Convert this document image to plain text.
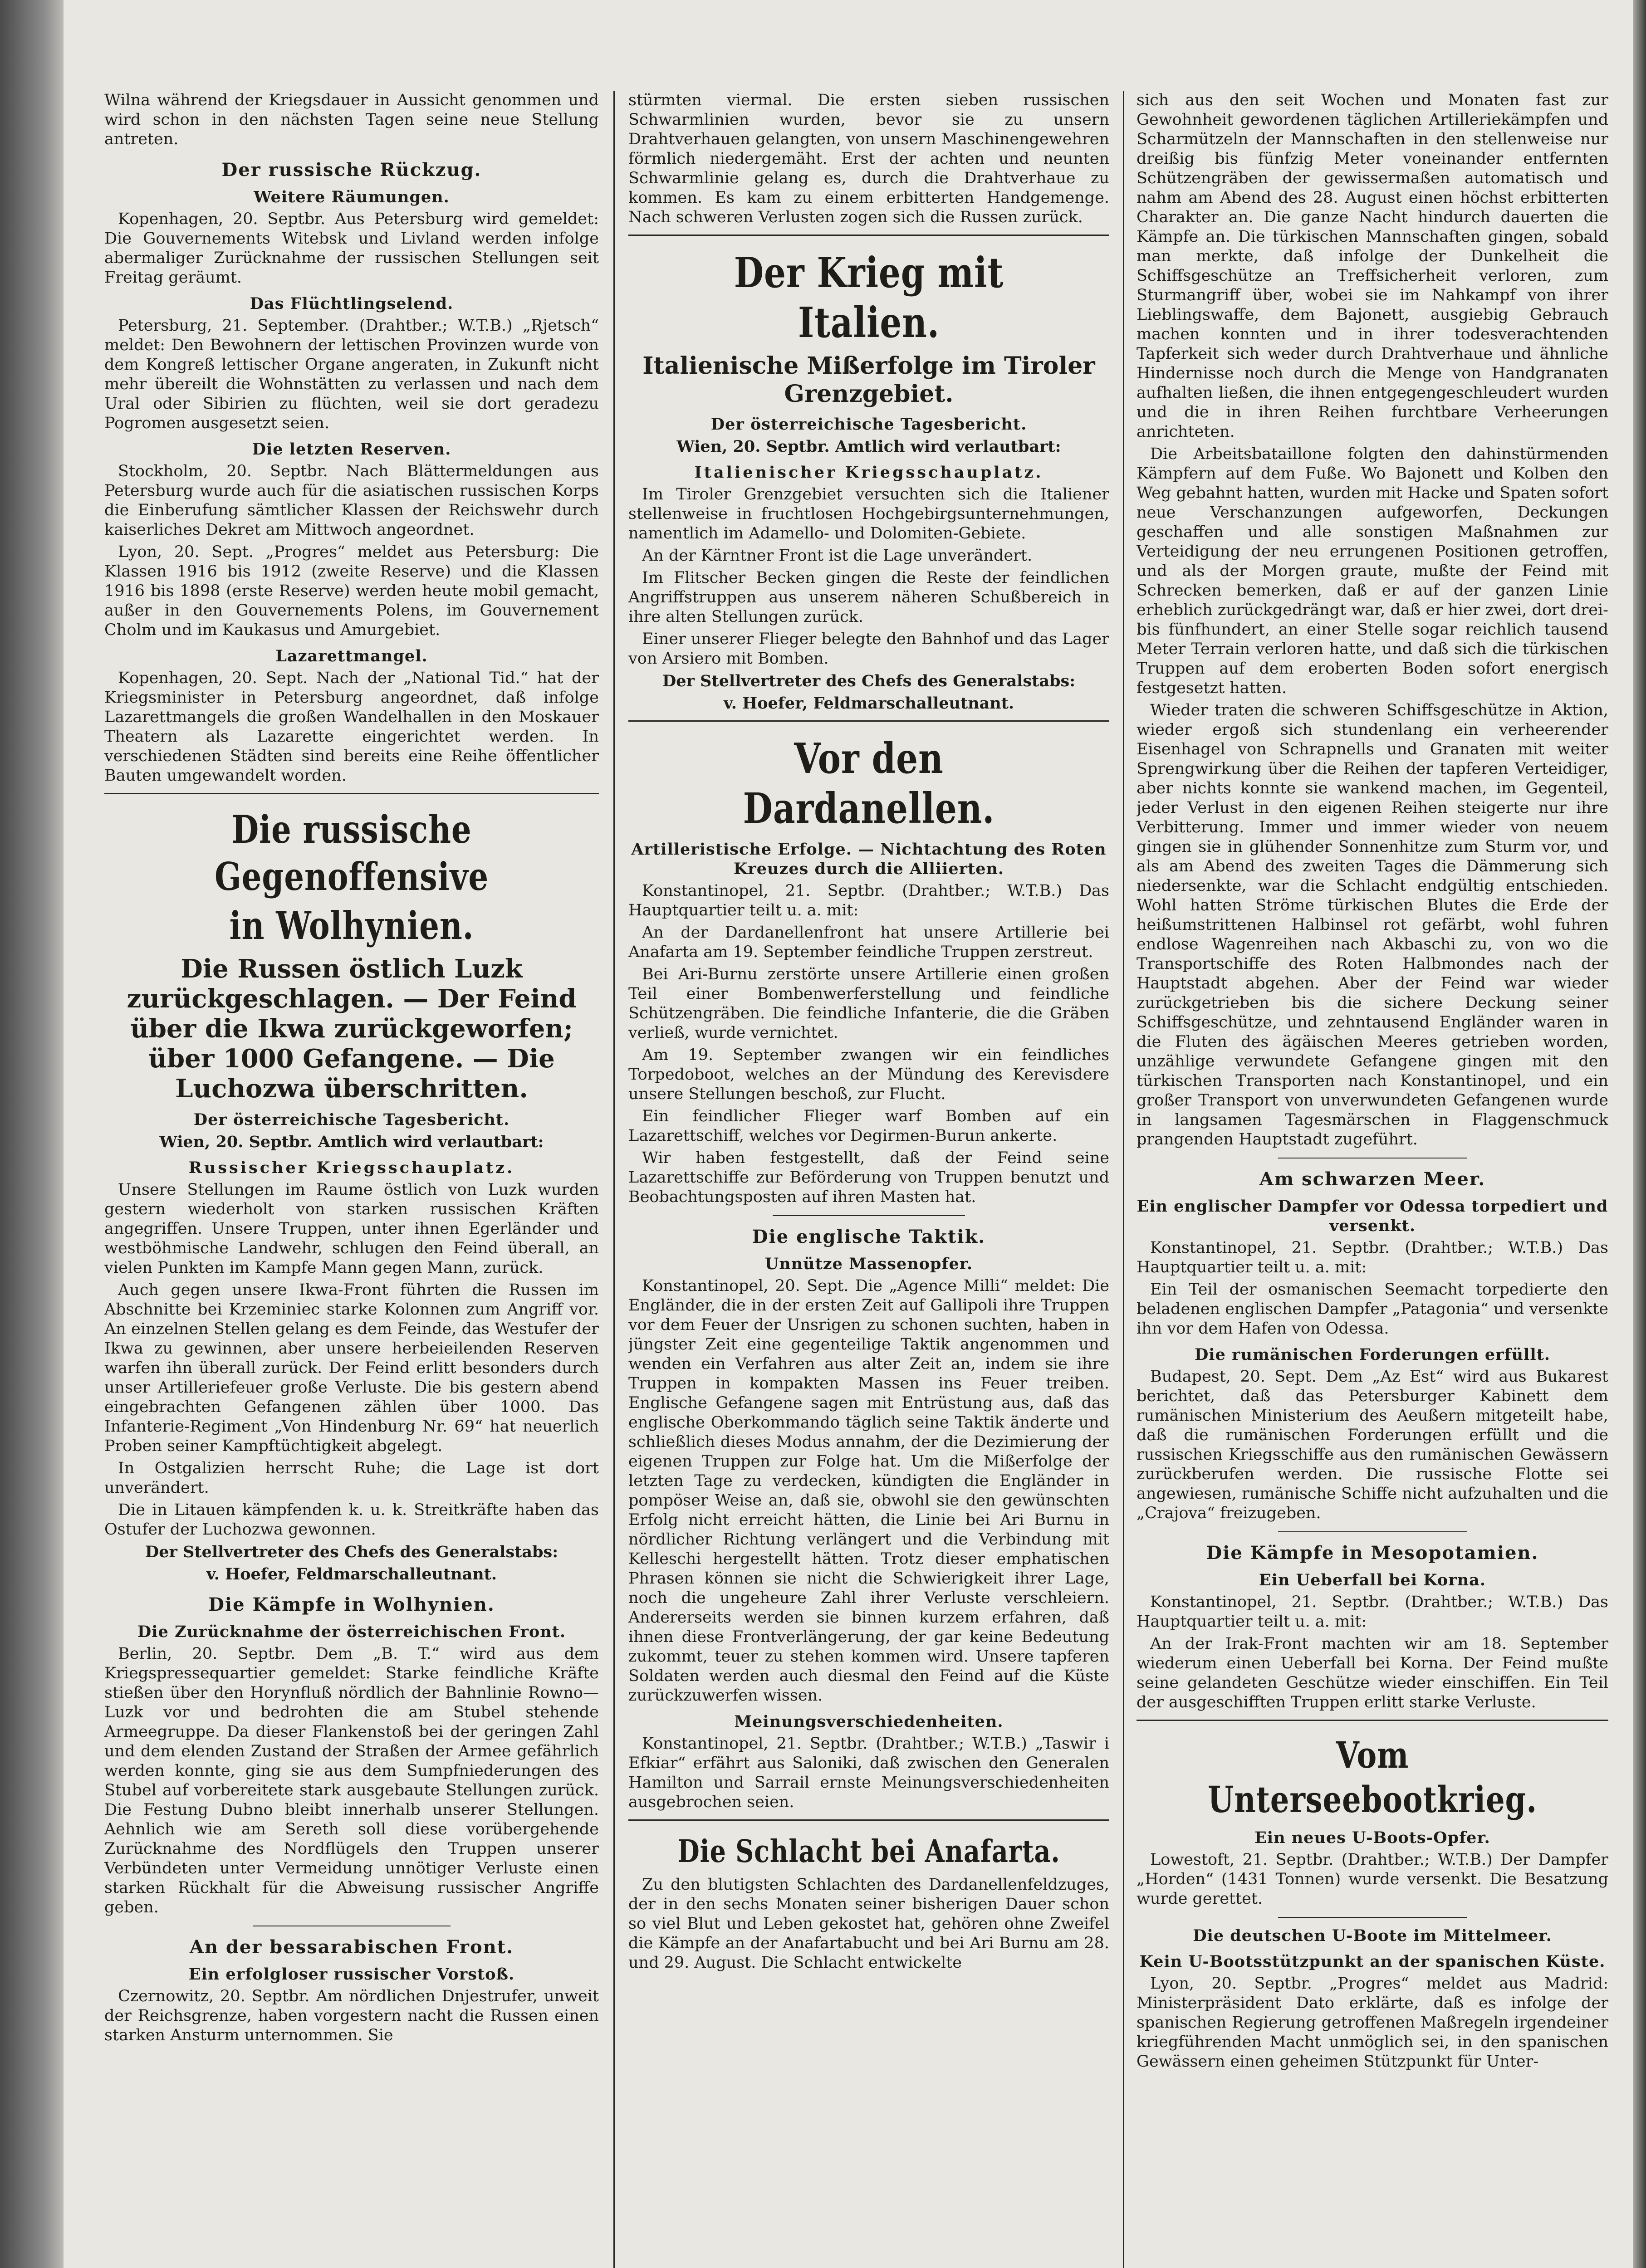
Wilna während der Kriegsdauer in Aussicht genommen und wird schon in den nächsten Tagen seine neue Stellung antreten.

Der russische Rückzug.
Weitere Räumungen.

Kopenhagen, 20. Septbr. Aus Petersburg wird gemeldet: Die Gouvernements Witebsk und Livland werden infolge abermaliger Zurücknahme der russischen Stellungen seit Freitag geräumt.

Das Flüchtlingselend.

Petersburg, 21. September. (Drahtber.; W.T.B.) „Rjetsch“ meldet: Den Bewohnern der lettischen Provinzen wurde von dem Kongreß lettischer Organe angeraten, in Zukunft nicht mehr übereilt die Wohnstätten zu verlassen und nach dem Ural oder Sibirien zu flüchten, weil sie dort geradezu Pogromen ausgesetzt seien.

Die letzten Reserven.

Stockholm, 20. Septbr. Nach Blättermeldungen aus Petersburg wurde auch für die asiatischen russischen Korps die Einberufung sämtlicher Klassen der Reichswehr durch kaiserliches Dekret am Mittwoch angeordnet.

Lyon, 20. Sept. „Progres“ meldet aus Petersburg: Die Klassen 1916 bis 1912 (zweite Reserve) und die Klassen 1916 bis 1898 (erste Reserve) werden heute mobil gemacht, außer in den Gouvernements Polens, im Gouvernement Cholm und im Kaukasus und Amurgebiet.

Lazarettmangel.

Kopenhagen, 20. Sept. Nach der „National Tid.“ hat der Kriegsminister in Petersburg angeordnet, daß infolge Lazarettmangels die großen Wandelhallen in den Moskauer Theatern als Lazarette eingerichtet werden. In verschiedenen Städten sind bereits eine Reihe öffentlicher Bauten umgewandelt worden.

Die russische Gegenoffensive
in Wolhynien.
Die Russen östlich Luzk zurückgeschlagen. — Der Feind über die Ikwa zurückgeworfen; über 1000 Gefangene. — Die Luchozwa überschritten.
Der österreichische Tagesbericht.

Wien, 20. Septbr. Amtlich wird verlautbart:

Russischer Kriegsschauplatz.

Unsere Stellungen im Raume östlich von Luzk wurden gestern wiederholt von starken russischen Kräften angegriffen. Unsere Truppen, unter ihnen Egerländer und westböhmische Landwehr, schlugen den Feind überall, an vielen Punkten im Kampfe Mann gegen Mann, zurück.

Auch gegen unsere Ikwa-Front führten die Russen im Abschnitte bei Krzeminiec starke Kolonnen zum Angriff vor. An einzelnen Stellen gelang es dem Feinde, das Westufer der Ikwa zu gewinnen, aber unsere herbeieilenden Reserven warfen ihn überall zurück. Der Feind erlitt besonders durch unser Artilleriefeuer große Verluste. Die bis gestern abend eingebrachten Gefangenen zählen über 1000. Das Infanterie-Regiment „Von Hindenburg Nr. 69“ hat neuerlich Proben seiner Kampftüchtigkeit abgelegt.

In Ostgalizien herrscht Ruhe; die Lage ist dort unverändert.

Die in Litauen kämpfenden k. u. k. Streitkräfte haben das Ostufer der Luchozwa gewonnen.

Der Stellvertreter des Chefs des Generalstabs:

v. Hoefer, Feldmarschalleutnant.

Die Kämpfe in Wolhynien.
Die Zurücknahme der österreichischen Front.

Berlin, 20. Septbr. Dem „B. T.“ wird aus dem Kriegspressequartier gemeldet: Starke feindliche Kräfte stießen über den Horynfluß nördlich der Bahnlinie Rowno—Luzk vor und bedrohten die am Stubel stehende Armeegruppe. Da dieser Flankenstoß bei der geringen Zahl und dem elenden Zustand der Straßen der Armee gefährlich werden konnte, ging sie aus dem Sumpfniederungen des Stubel auf vorbereitete stark ausgebaute Stellungen zurück. Die Festung Dubno bleibt innerhalb unserer Stellungen. Aehnlich wie am Sereth soll diese vorübergehende Zurücknahme des Nordflügels den Truppen unserer Verbündeten unter Vermeidung unnötiger Verluste einen starken Rückhalt für die Abweisung russischer Angriffe geben.

An der bessarabischen Front.
Ein erfolgloser russischer Vorstoß.

Czernowitz, 20. Septbr. Am nördlichen Dnjestrufer, unweit der Reichsgrenze, haben vorgestern nacht die Russen einen starken Ansturm unternommen. Sie

stürmten viermal. Die ersten sieben russischen Schwarmlinien wurden, bevor sie zu unsern Drahtverhauen gelangten, von unsern Maschinengewehren förmlich niedergemäht. Erst der achten und neunten Schwarmlinie gelang es, durch die Drahtverhaue zu kommen. Es kam zu einem erbitterten Handgemenge. Nach schweren Verlusten zogen sich die Russen zurück.

Der Krieg mit Italien.
Italienische Mißerfolge im Tiroler Grenzgebiet.
Der österreichische Tagesbericht.

Wien, 20. Septbr. Amtlich wird verlautbart:

Italienischer Kriegsschauplatz.

Im Tiroler Grenzgebiet versuchten sich die Italiener stellenweise in fruchtlosen Hochgebirgsunternehmungen, namentlich im Adamello- und Dolomiten-Gebiete.

An der Kärntner Front ist die Lage unverändert.

Im Flitscher Becken gingen die Reste der feindlichen Angriffstruppen aus unserem näheren Schußbereich in ihre alten Stellungen zurück.

Einer unserer Flieger belegte den Bahnhof und das Lager von Arsiero mit Bomben.

Der Stellvertreter des Chefs des Generalstabs:

v. Hoefer, Feldmarschalleutnant.

Vor den Dardanellen.
Artilleristische Erfolge. — Nichtachtung des Roten Kreuzes durch die Alliierten.

Konstantinopel, 21. Septbr. (Drahtber.; W.T.B.) Das Hauptquartier teilt u. a. mit:

An der Dardanellenfront hat unsere Artillerie bei Anafarta am 19. September feindliche Truppen zerstreut.

Bei Ari-Burnu zerstörte unsere Artillerie einen großen Teil einer Bombenwerferstellung und feindliche Schützengräben. Die feindliche Infanterie, die die Gräben verließ, wurde vernichtet.

Am 19. September zwangen wir ein feindliches Torpedoboot, welches an der Mündung des Kerevisdere unsere Stellungen beschoß, zur Flucht.

Ein feindlicher Flieger warf Bomben auf ein Lazarettschiff, welches vor Degirmen-Burun ankerte.

Wir haben festgestellt, daß der Feind seine Lazarettschiffe zur Beförderung von Truppen benutzt und Beobachtungsposten auf ihren Masten hat.

Die englische Taktik.
Unnütze Massenopfer.

Konstantinopel, 20. Sept. Die „Agence Milli“ meldet: Die Engländer, die in der ersten Zeit auf Gallipoli ihre Truppen vor dem Feuer der Unsrigen zu schonen suchten, haben in jüngster Zeit eine gegenteilige Taktik angenommen und wenden ein Verfahren aus alter Zeit an, indem sie ihre Truppen in kompakten Massen ins Feuer treiben. Englische Gefangene sagen mit Entrüstung aus, daß das englische Oberkommando täglich seine Taktik änderte und schließlich dieses Modus annahm, der die Dezimierung der eigenen Truppen zur Folge hat. Um die Mißerfolge der letzten Tage zu verdecken, kündigten die Engländer in pompöser Weise an, daß sie, obwohl sie den gewünschten Erfolg nicht erreicht hätten, die Linie bei Ari Burnu in nördlicher Richtung verlängert und die Verbindung mit Kelleschi hergestellt hätten. Trotz dieser emphatischen Phrasen können sie nicht die Schwierigkeit ihrer Lage, noch die ungeheure Zahl ihrer Verluste verschleiern. Andererseits werden sie binnen kurzem erfahren, daß ihnen diese Frontverlängerung, der gar keine Bedeutung zukommt, teuer zu stehen kommen wird. Unsere tapferen Soldaten werden auch diesmal den Feind auf die Küste zurückzuwerfen wissen.

Meinungsverschiedenheiten.

Konstantinopel, 21. Septbr. (Drahtber.; W.T.B.) „Taswir i Efkiar“ erfährt aus Saloniki, daß zwischen den Generalen Hamilton und Sarrail ernste Meinungsverschiedenheiten ausgebrochen seien.

Die Schlacht bei Anafarta.

Zu den blutigsten Schlachten des Dardanellenfeldzuges, der in den sechs Monaten seiner bisherigen Dauer schon so viel Blut und Leben gekostet hat, gehören ohne Zweifel die Kämpfe an der Anafartabucht und bei Ari Burnu am 28. und 29. August. Die Schlacht entwickelte

sich aus den seit Wochen und Monaten fast zur Gewohnheit gewordenen täglichen Artilleriekämpfen und Scharmützeln der Mannschaften in den stellenweise nur dreißig bis fünfzig Meter voneinander entfernten Schützengräben der gewissermaßen automatisch und nahm am Abend des 28. August einen höchst erbitterten Charakter an. Die ganze Nacht hindurch dauerten die Kämpfe an. Die türkischen Mannschaften gingen, sobald man merkte, daß infolge der Dunkelheit die Schiffsgeschütze an Treffsicherheit verloren, zum Sturmangriff über, wobei sie im Nahkampf von ihrer Lieblingswaffe, dem Bajonett, ausgiebig Gebrauch machen konnten und in ihrer todesverachtenden Tapferkeit sich weder durch Drahtverhaue und ähnliche Hindernisse noch durch die Menge von Handgranaten aufhalten ließen, die ihnen entgegengeschleudert wurden und die in ihren Reihen furchtbare Verheerungen anrichteten.

Die Arbeitsbataillone folgten den dahinstürmenden Kämpfern auf dem Fuße. Wo Bajonett und Kolben den Weg gebahnt hatten, wurden mit Hacke und Spaten sofort neue Verschanzungen aufgeworfen, Deckungen geschaffen und alle sonstigen Maßnahmen zur Verteidigung der neu errungenen Positionen getroffen, und als der Morgen graute, mußte der Feind mit Schrecken bemerken, daß er auf der ganzen Linie erheblich zurückgedrängt war, daß er hier zwei, dort drei- bis fünfhundert, an einer Stelle sogar reichlich tausend Meter Terrain verloren hatte, und daß sich die türkischen Truppen auf dem eroberten Boden sofort energisch festgesetzt hatten.

Wieder traten die schweren Schiffsgeschütze in Aktion, wieder ergoß sich stundenlang ein verheerender Eisenhagel von Schrapnells und Granaten mit weiter Sprengwirkung über die Reihen der tapferen Verteidiger, aber nichts konnte sie wankend machen, im Gegenteil, jeder Verlust in den eigenen Reihen steigerte nur ihre Verbitterung. Immer und immer wieder von neuem gingen sie in glühender Sonnenhitze zum Sturm vor, und als am Abend des zweiten Tages die Dämmerung sich niedersenkte, war die Schlacht endgültig entschieden. Wohl hatten Ströme türkischen Blutes die Erde der heißumstrittenen Halbinsel rot gefärbt, wohl fuhren endlose Wagenreihen nach Akbaschi zu, von wo die Transportschiffe des Roten Halbmondes nach der Hauptstadt abgehen. Aber der Feind war wieder zurückgetrieben bis die sichere Deckung seiner Schiffsgeschütze, und zehntausend Engländer waren in die Fluten des ägäischen Meeres getrieben worden, unzählige verwundete Gefangene gingen mit den türkischen Transporten nach Konstantinopel, und ein großer Transport von unverwundeten Gefangenen wurde in langsamen Tagesmärschen in Flaggenschmuck prangenden Hauptstadt zugeführt.

Am schwarzen Meer.
Ein englischer Dampfer vor Odessa torpediert und versenkt.

Konstantinopel, 21. Septbr. (Drahtber.; W.T.B.) Das Hauptquartier teilt u. a. mit:

Ein Teil der osmanischen Seemacht torpedierte den beladenen englischen Dampfer „Patagonia“ und versenkte ihn vor dem Hafen von Odessa.

Die rumänischen Forderungen erfüllt.

Budapest, 20. Sept. Dem „Az Est“ wird aus Bukarest berichtet, daß das Petersburger Kabinett dem rumänischen Ministerium des Aeußern mitgeteilt habe, daß die rumänischen Forderungen erfüllt und die russischen Kriegsschiffe aus den rumänischen Gewässern zurückberufen werden. Die russische Flotte sei angewiesen, rumänische Schiffe nicht aufzuhalten und die „Crajova“ freizugeben.

Die Kämpfe in Mesopotamien.
Ein Ueberfall bei Korna.

Konstantinopel, 21. Septbr. (Drahtber.; W.T.B.) Das Hauptquartier teilt u. a. mit:

An der Irak-Front machten wir am 18. September wiederum einen Ueberfall bei Korna. Der Feind mußte seine gelandeten Geschütze wieder einschiffen. Ein Teil der ausgeschifften Truppen erlitt starke Verluste.

Vom Unterseebootkrieg.
Ein neues U-Boots-Opfer.

Lowestoft, 21. Septbr. (Drahtber.; W.T.B.) Der Dampfer „Horden“ (1431 Tonnen) wurde versenkt. Die Besatzung wurde gerettet.

Die deutschen U-Boote im Mittelmeer.
Kein U-Bootsstützpunkt an der spanischen Küste.

Lyon, 20. Septbr. „Progres“ meldet aus Madrid: Ministerpräsident Dato erklärte, daß es infolge der spanischen Regierung getroffenen Maßregeln irgendeiner kriegführenden Macht unmöglich sei, in den spanischen Gewässern einen geheimen Stützpunkt für Unter-
